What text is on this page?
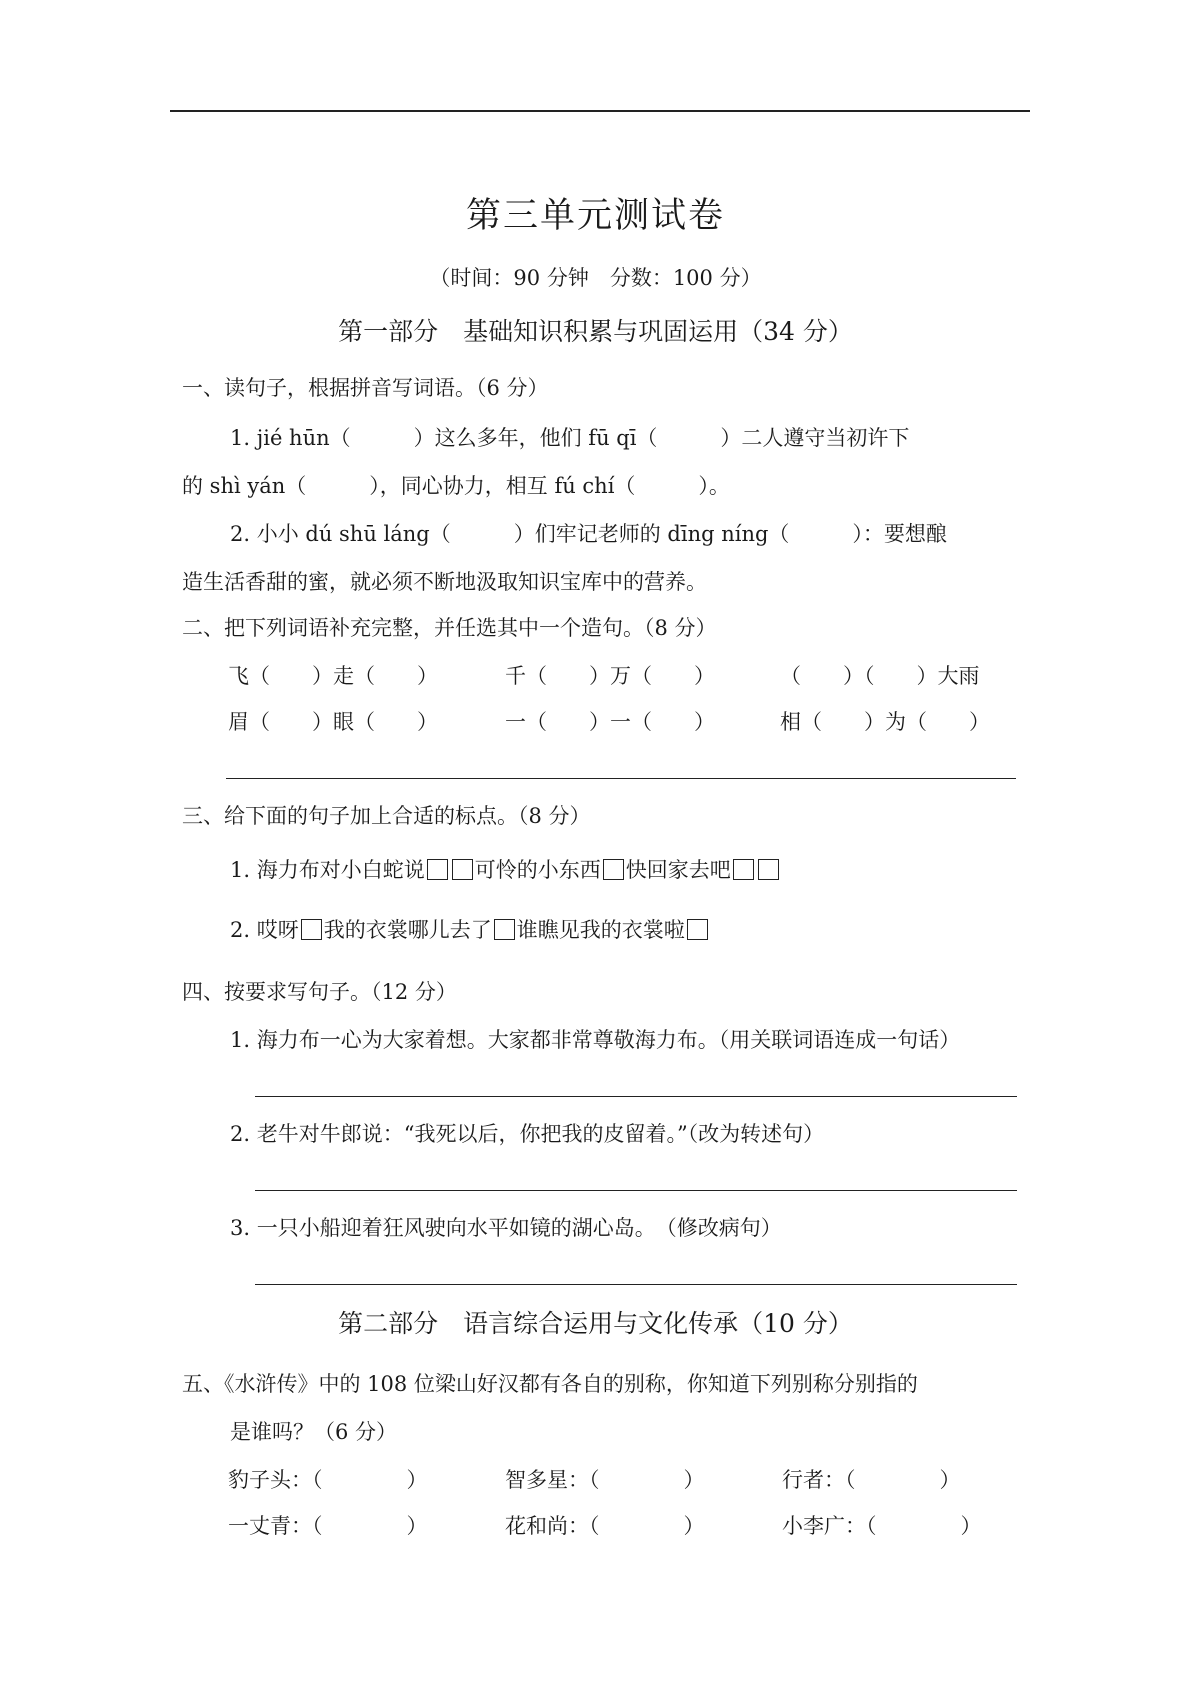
第三单元测试卷
（时间：90 分钟　分数：100 分）
第一部分　基础知识积累与巩固运用（34 分）
一、读句子，根据拼音写词语。（6 分）
1. jié hūn（　　　）这么多年，他们 fū qī（　　　）二人遵守当初许下
的 shì yán（　　　），同心协力，相互 fú chí（　　　）。
2. 小小 dú shū láng（　　　）们牢记老师的 dīng níng（　　　）：要想酿
造生活香甜的蜜，就必须不断地汲取知识宝库中的营养。
二、把下列词语补充完整，并任选其中一个造句。（8 分）
飞（　　）走（　　）	千（　　）万（　　）	（　　）（　　）大雨
眉（　　）眼（　　）	一（　　）一（　　）	相（　　）为（　　）
三、给下面的句子加上合适的标点。（8 分）
1. 海力布对小白蛇说 可怜的小东西 快回家去吧
2. 哎呀 我的衣裳哪儿去了 谁瞧见我的衣裳啦
四、按要求写句子。（12 分）
1. 海力布一心为大家着想。大家都非常尊敬海力布。（用关联词语连成一句话）
2. 老牛对牛郎说：“我死以后，你把我的皮留着。”（改为转述句）
3. 一只小船迎着狂风驶向水平如镜的湖心岛。　（修改病句）
第二部分　语言综合运用与文化传承（10 分）
五、《水浒传》中的 108 位梁山好汉都有各自的别称，你知道下列别称分别指的
是谁吗？（6 分）
豹子头：（　　　　）	智多星：（　　　　）	行者：（　　　　）
一丈青：（　　　　）	花和尚：（　　　　）	小李广：（　　　　）
